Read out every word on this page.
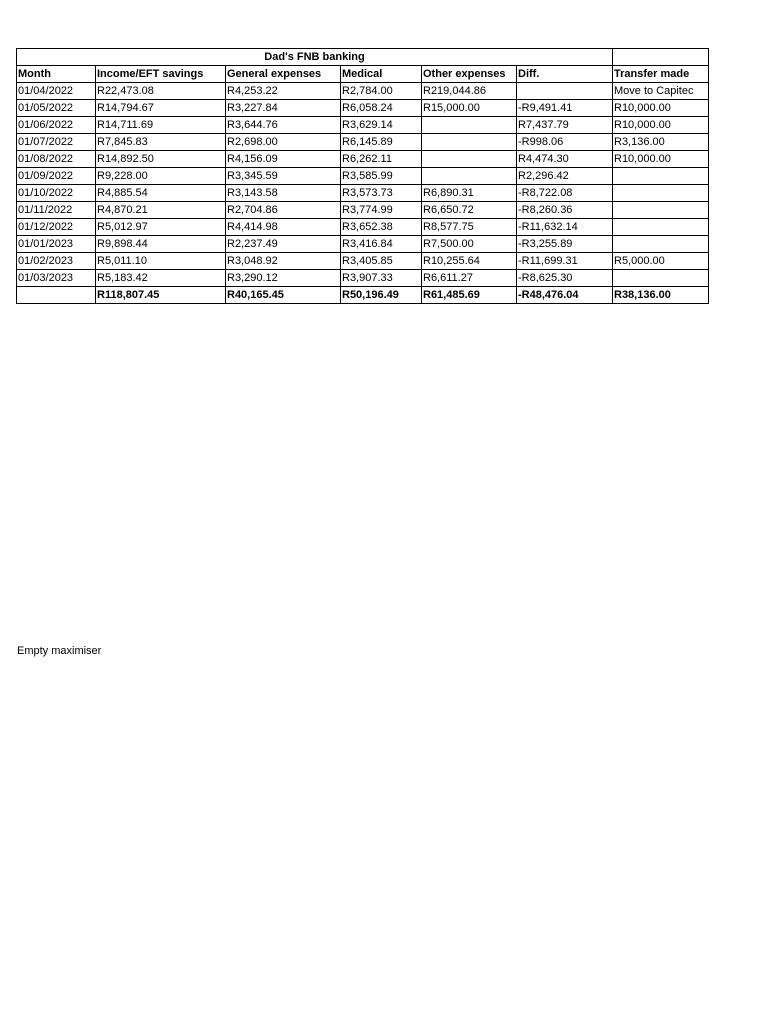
Dad's FNB banking						
Month	Income/EFT savings	General expenses	Medical	Other expenses	Diff.	Transfer made
01/04/2022	R22,473.08	R4,253.22	R2,784.00	R219,044.86		Move to Capitec
01/05/2022	R14,794.67	R3,227.84	R6,058.24	R15,000.00	-R9,491.41	R10,000.00
01/06/2022	R14,711.69	R3,644.76	R3,629.14		R7,437.79	R10,000.00
01/07/2022	R7,845.83	R2,698.00	R6,145.89		-R998.06	R3,136.00
01/08/2022	R14,892.50	R4,156.09	R6,262.11		R4,474.30	R10,000.00
01/09/2022	R9,228.00	R3,345.59	R3,585.99		R2,296.42	
01/10/2022	R4,885.54	R3,143.58	R3,573.73	R6,890.31	-R8,722.08	
01/11/2022	R4,870.21	R2,704.86	R3,774.99	R6,650.72	-R8,260.36	
01/12/2022	R5,012.97	R4,414.98	R3,652.38	R8,577.75	-R11,632.14	
01/01/2023	R9,898.44	R2,237.49	R3,416.84	R7,500.00	-R3,255.89	
01/02/2023	R5,011.10	R3,048.92	R3,405.85	R10,255.64	-R11,699.31	R5,000.00
01/03/2023	R5,183.42	R3,290.12	R3,907.33	R6,611.27	-R8,625.30	
	R118,807.45	R40,165.45	R50,196.49	R61,485.69	-R48,476.04	R38,136.00
Empty maximiser
